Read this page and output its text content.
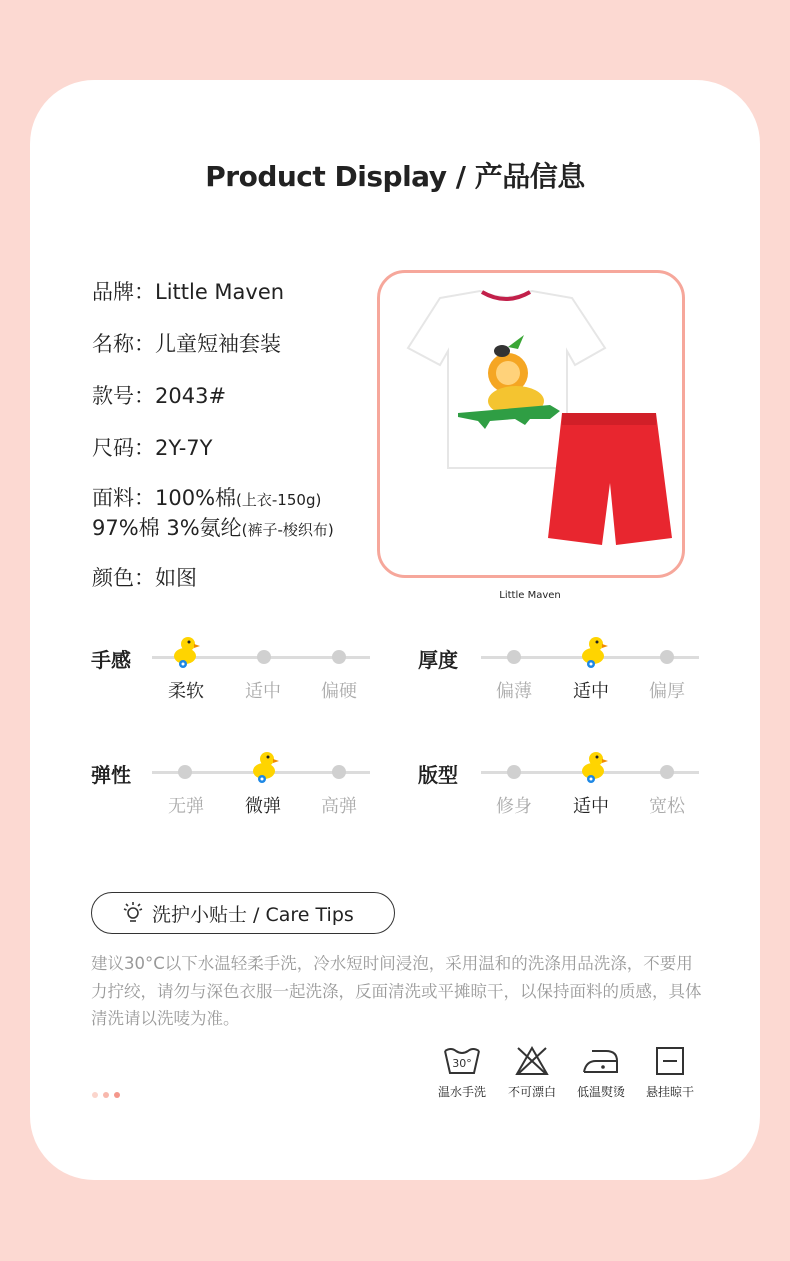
Product Display / 产品信息
品牌：Little Maven
名称：儿童短袖套装
款号：2043#
尺码：2Y-7Y
面料：100%棉(上衣-150g)
97%棉 3%氨纶(裤子-梭织布)
颜色：如图
Little Maven
手感
柔软	适中	偏硬
厚度
偏薄	适中	偏厚
弹性
无弹	微弹	高弹
版型
修身	适中	宽松
洗护小贴士 / Care Tips

建议30°C以下水温轻柔手洗，冷水短时间浸泡，采用温和的洗涤用品洗涤，不要用力拧绞，请勿与深色衣服一起洗涤，反面清洗或平摊晾干，以保持面料的质感，具体清洗请以洗唛为准。

30°
温水手洗	不可漂白	低温熨烫	悬挂晾干
